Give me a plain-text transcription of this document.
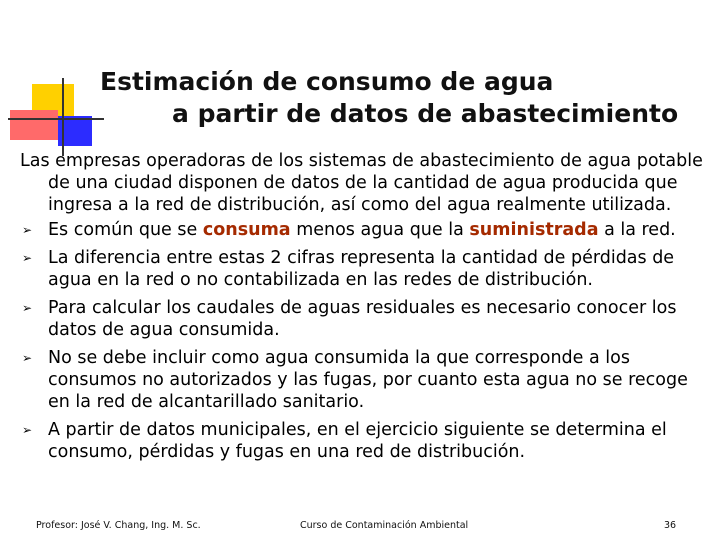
Estimación de consumo de agua
a partir de datos de abastecimiento

Las empresas operadoras de los sistemas de abastecimiento de agua potable de una ciudad disponen de datos de la cantidad de agua producida que ingresa a la red de distribución, así como del agua realmente utilizada.

➢ Es común que se consuma menos agua que la suministrada a la red.
➢ La diferencia entre estas 2 cifras representa la cantidad de pérdidas de agua en la red o no contabilizada en las redes de distribución.
➢ Para calcular los caudales de aguas residuales es necesario conocer los datos de agua consumida.
➢ No se debe incluir como agua consumida la que corresponde a los consumos no autorizados y las fugas, por cuanto esta agua no se recoge en la red de alcantarillado sanitario.
➢ A partir de datos municipales, en el ejercicio siguiente se determina el consumo, pérdidas y fugas en una red de distribución.
Profesor: José V. Chang, Ing. M. Sc.	Curso de Contaminación Ambiental	36
